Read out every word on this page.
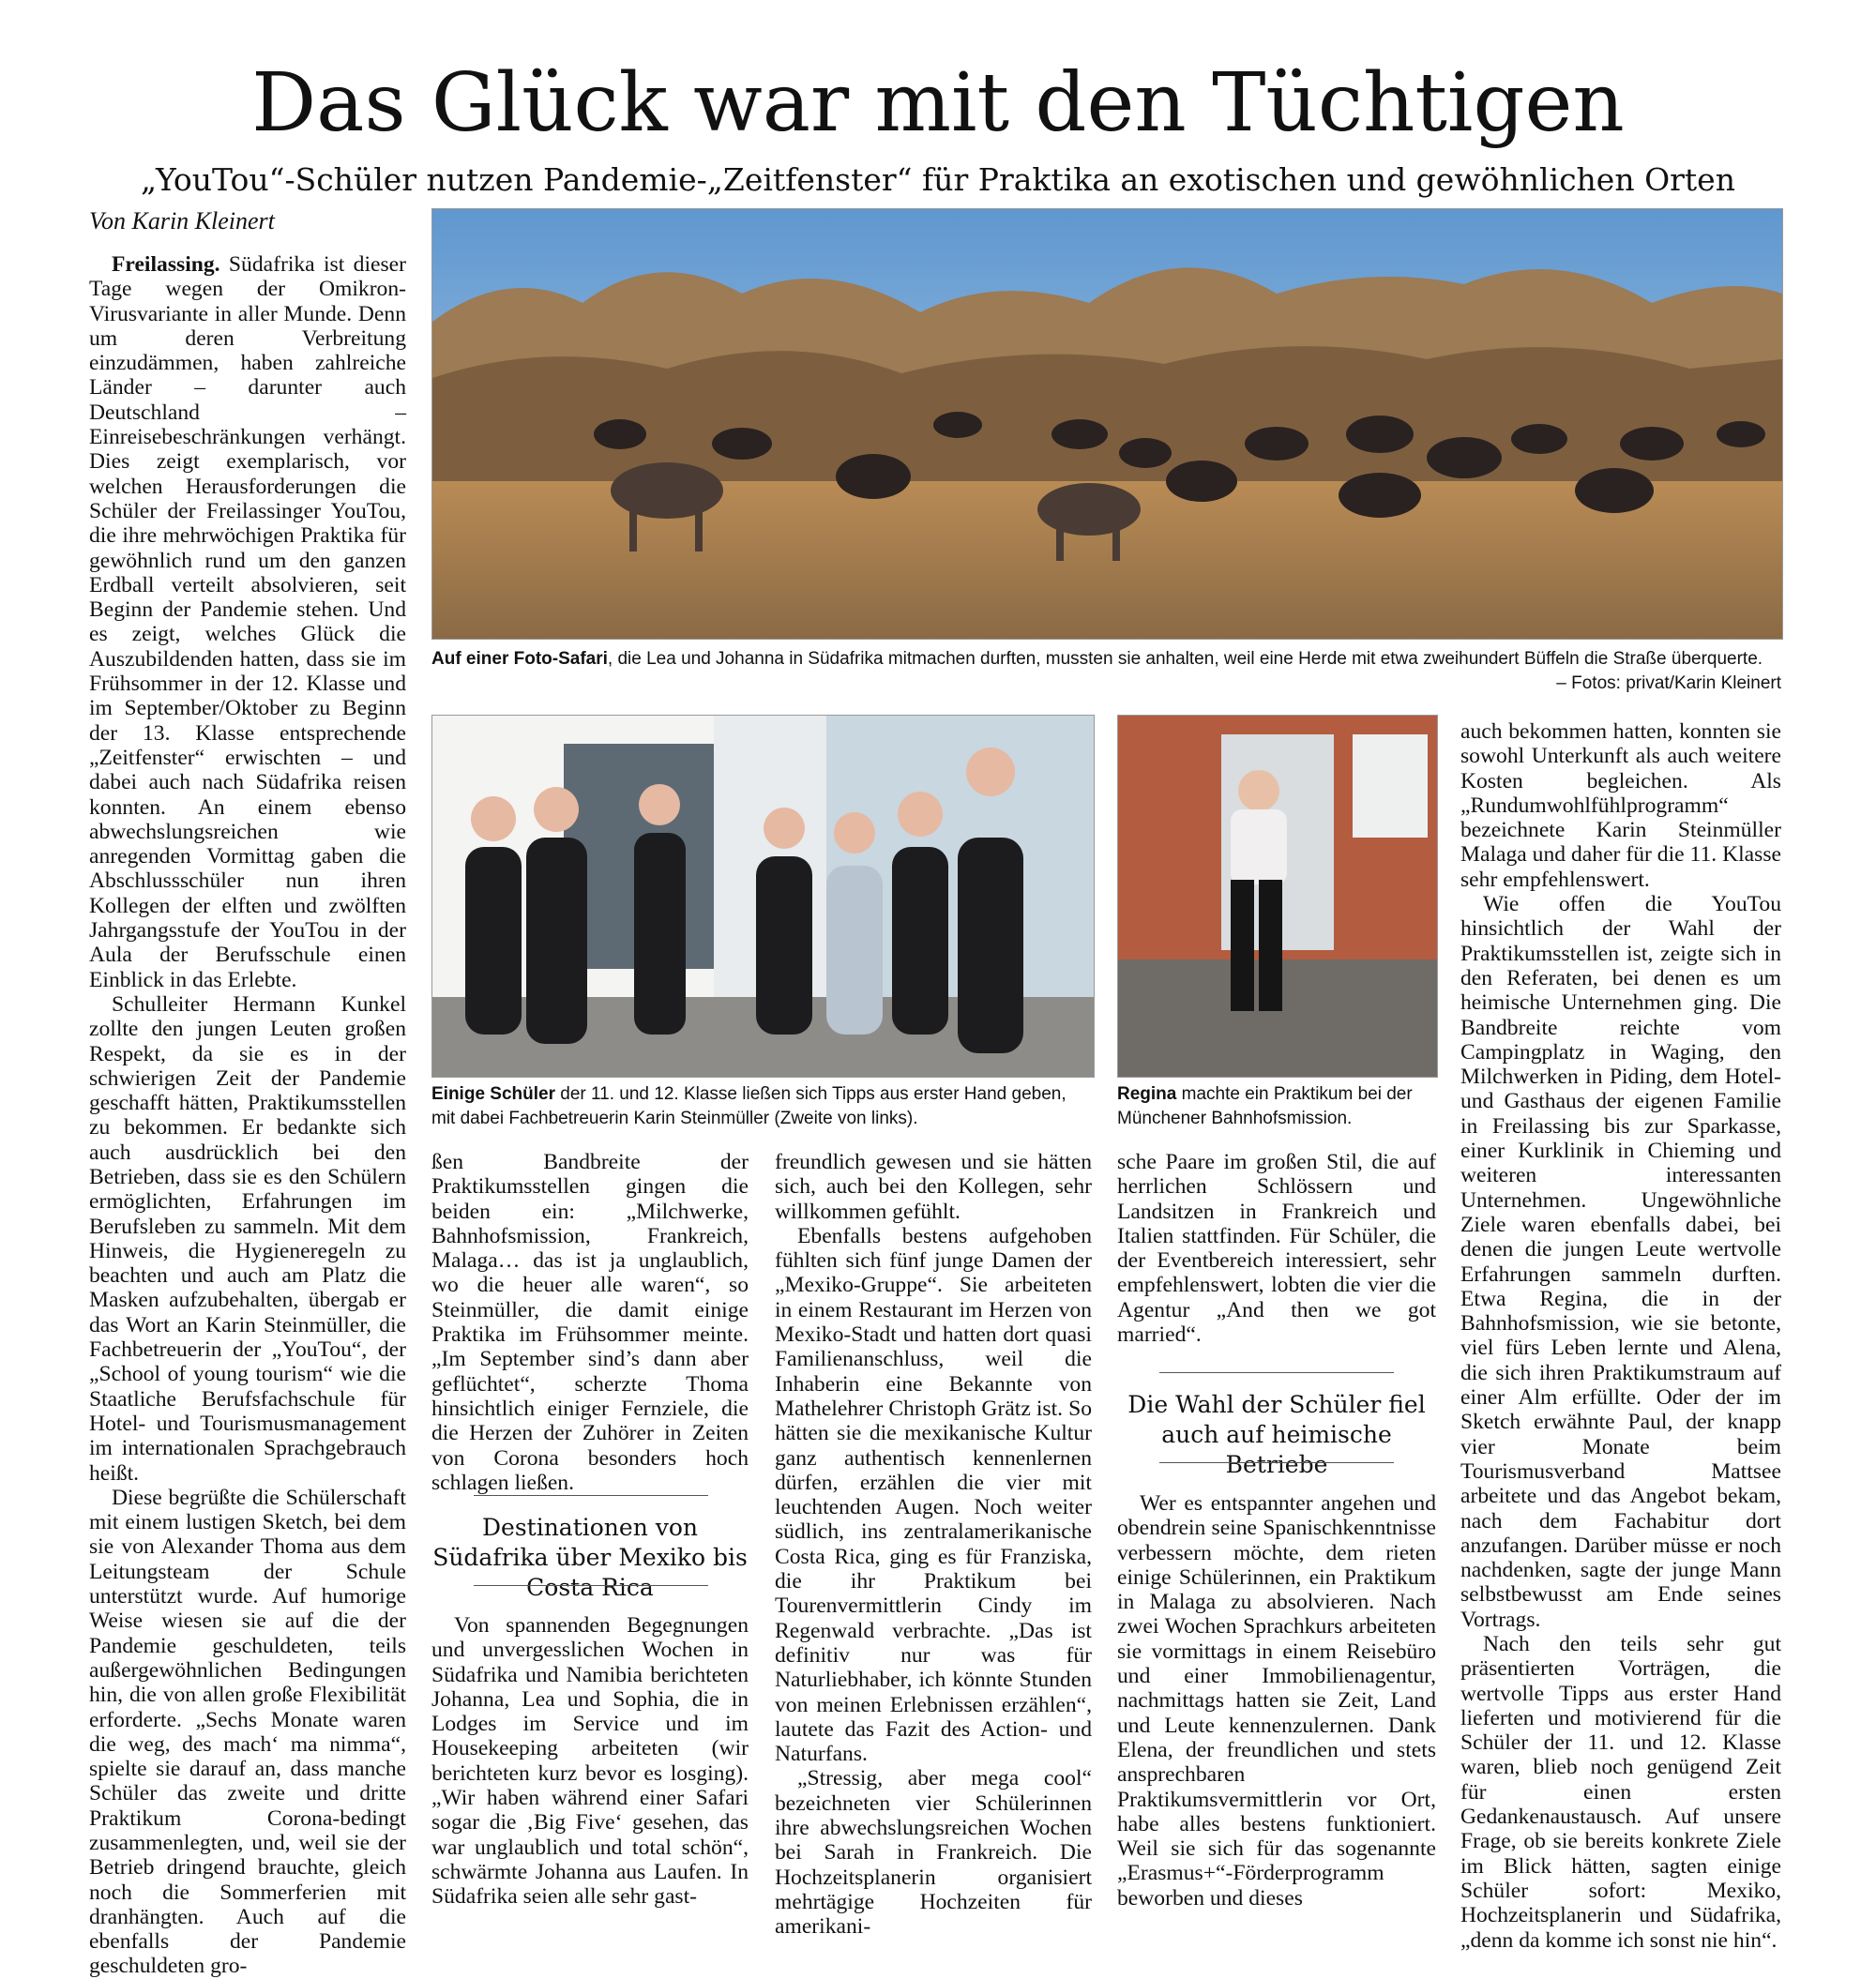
Das Glück war mit den Tüchtigen
„YouTou“-Schüler nutzen Pandemie-„Zeitfenster“ für Praktika an exotischen und gewöhnlichen Orten
Von Karin Kleinert

Freilassing. Südafrika ist dieser Tage wegen der Omikron-Virusvariante in aller Munde. Denn um deren Verbreitung einzudämmen, haben zahlreiche Länder – darunter auch Deutschland – Einreisebeschränkungen verhängt. Dies zeigt exemplarisch, vor welchen Herausforderungen die Schüler der Freilassinger YouTou, die ihre mehrwöchigen Praktika für gewöhnlich rund um den ganzen Erdball verteilt absolvieren, seit Beginn der Pandemie stehen. Und es zeigt, welches Glück die Auszubildenden hatten, dass sie im Frühsommer in der 12. Klasse und im September/Oktober zu Beginn der 13. Klasse entsprechende „Zeitfenster“ erwischten – und dabei auch nach Südafrika reisen konnten. An einem ebenso abwechslungsreichen wie anregenden Vormittag gaben die Abschlussschüler nun ihren Kollegen der elften und zwölften Jahrgangsstufe der YouTou in der Aula der Berufsschule einen Einblick in das Erlebte.

Schulleiter Hermann Kunkel zollte den jungen Leuten großen Respekt, da sie es in der schwierigen Zeit der Pandemie geschafft hätten, Praktikumsstellen zu bekommen. Er bedankte sich auch ausdrücklich bei den Betrieben, dass sie es den Schülern ermöglichten, Erfahrungen im Berufsleben zu sammeln. Mit dem Hinweis, die Hygieneregeln zu beachten und auch am Platz die Masken aufzubehalten, übergab er das Wort an Karin Steinmüller, die Fachbetreuerin der „YouTou“, der „School of young tourism“ wie die Staatliche Berufsfachschule für Hotel- und Tourismusmanagement im internationalen Sprachgebrauch heißt.

Diese begrüßte die Schülerschaft mit einem lustigen Sketch, bei dem sie von Alexander Thoma aus dem Leitungsteam der Schule unterstützt wurde. Auf humorige Weise wiesen sie auf die der Pandemie geschuldeten, teils außergewöhnlichen Bedingungen hin, die von allen große Flexibilität erforderte. „Sechs Monate waren die weg, des mach‘ ma nimma“, spielte sie darauf an, dass manche Schüler das zweite und dritte Praktikum Corona-bedingt zusammenlegten, und, weil sie der Betrieb dringend brauchte, gleich noch die Sommerferien mit dranhängten. Auch auf die ebenfalls der Pandemie geschuldeten gro-

Auf einer Foto-Safari, die Lea und Johanna in Südafrika mitmachen durften, mussten sie anhalten, weil eine Herde mit etwa zweihundert Büffeln die Straße überquerte.
– Fotos: privat/Karin Kleinert
Einige Schüler der 11. und 12. Klasse ließen sich Tipps aus erster Hand geben, mit dabei Fachbetreuerin Karin Steinmüller (Zweite von links).
Regina machte ein Praktikum bei der Münchener Bahnhofsmission.

ßen Bandbreite der Praktikumsstellen gingen die beiden ein: „Milchwerke, Bahnhofsmission, Frankreich, Malaga… das ist ja unglaublich, wo die heuer alle waren“, so Steinmüller, die damit einige Praktika im Frühsommer meinte. „Im September sind’s dann aber geflüchtet“, scherzte Thoma hinsichtlich einiger Fernziele, die die Herzen der Zuhörer in Zeiten von Corona besonders hoch schlagen ließen.

Destinationen von Südafrika über Mexiko bis Costa Rica

Von spannenden Begegnungen und unvergesslichen Wochen in Südafrika und Namibia berichteten Johanna, Lea und Sophia, die in Lodges im Service und im Housekeeping arbeiteten (wir berichteten kurz bevor es losging). „Wir haben während einer Safari sogar die ‚Big Five‘ gesehen, das war unglaublich und total schön“, schwärmte Johanna aus Laufen. In Südafrika seien alle sehr gast-

freundlich gewesen und sie hätten sich, auch bei den Kollegen, sehr willkommen gefühlt.

Ebenfalls bestens aufgehoben fühlten sich fünf junge Damen der „Mexiko-Gruppe“. Sie arbeiteten in einem Restaurant im Herzen von Mexiko-Stadt und hatten dort quasi Familienanschluss, weil die Inhaberin eine Bekannte von Mathelehrer Christoph Grätz ist. So hätten sie die mexikanische Kultur ganz authentisch kennenlernen dürfen, erzählen die vier mit leuchtenden Augen. Noch weiter südlich, ins zentralamerikanische Costa Rica, ging es für Franziska, die ihr Praktikum bei Tourenvermittlerin Cindy im Regenwald verbrachte. „Das ist definitiv nur was für Naturliebhaber, ich könnte Stunden von meinen Erlebnissen erzählen“, lautete das Fazit des Action- und Naturfans.

„Stressig, aber mega cool“ bezeichneten vier Schülerinnen ihre abwechslungsreichen Wochen bei Sarah in Frankreich. Die Hochzeitsplanerin organisiert mehrtägige Hochzeiten für amerikani-

sche Paare im großen Stil, die auf herrlichen Schlössern und Landsitzen in Frankreich und Italien stattfinden. Für Schüler, die der Eventbereich interessiert, sehr empfehlenswert, lobten die vier die Agentur „And then we got married“.

Die Wahl der Schüler fiel auch auf heimische Betriebe

Wer es entspannter angehen und obendrein seine Spanischkenntnisse verbessern möchte, dem rieten einige Schülerinnen, ein Praktikum in Malaga zu absolvieren. Nach zwei Wochen Sprachkurs arbeiteten sie vormittags in einem Reisebüro und einer Immobilienagentur, nachmittags hatten sie Zeit, Land und Leute kennenzulernen. Dank Elena, der freundlichen und stets ansprechbaren Praktikumsvermittlerin vor Ort, habe alles bestens funktioniert. Weil sie sich für das sogenannte „Erasmus+“-Förderprogramm beworben und dieses

auch bekommen hatten, konnten sie sowohl Unterkunft als auch weitere Kosten begleichen. Als „Rundumwohlfühlprogramm“ bezeichnete Karin Steinmüller Malaga und daher für die 11. Klasse sehr empfehlenswert.

Wie offen die YouTou hinsichtlich der Wahl der Praktikumsstellen ist, zeigte sich in den Referaten, bei denen es um heimische Unternehmen ging. Die Bandbreite reichte vom Campingplatz in Waging, den Milchwerken in Piding, dem Hotel- und Gasthaus der eigenen Familie in Freilassing bis zur Sparkasse, einer Kurklinik in Chieming und weiteren interessanten Unternehmen. Ungewöhnliche Ziele waren ebenfalls dabei, bei denen die jungen Leute wertvolle Erfahrungen sammeln durften. Etwa Regina, die in der Bahnhofsmission, wie sie betonte, viel fürs Leben lernte und Alena, die sich ihren Praktikumstraum auf einer Alm erfüllte. Oder der im Sketch erwähnte Paul, der knapp vier Monate beim Tourismusverband Mattsee arbeitete und das Angebot bekam, nach dem Fachabitur dort anzufangen. Darüber müsse er noch nachdenken, sagte der junge Mann selbstbewusst am Ende seines Vortrags.

Nach den teils sehr gut präsentierten Vorträgen, die wertvolle Tipps aus erster Hand lieferten und motivierend für die Schüler der 11. und 12. Klasse waren, blieb noch genügend Zeit für einen ersten Gedankenaustausch. Auf unsere Frage, ob sie bereits konkrete Ziele im Blick hätten, sagten einige Schüler sofort: Mexiko, Hochzeitsplanerin und Südafrika, „denn da komme ich sonst nie hin“.
